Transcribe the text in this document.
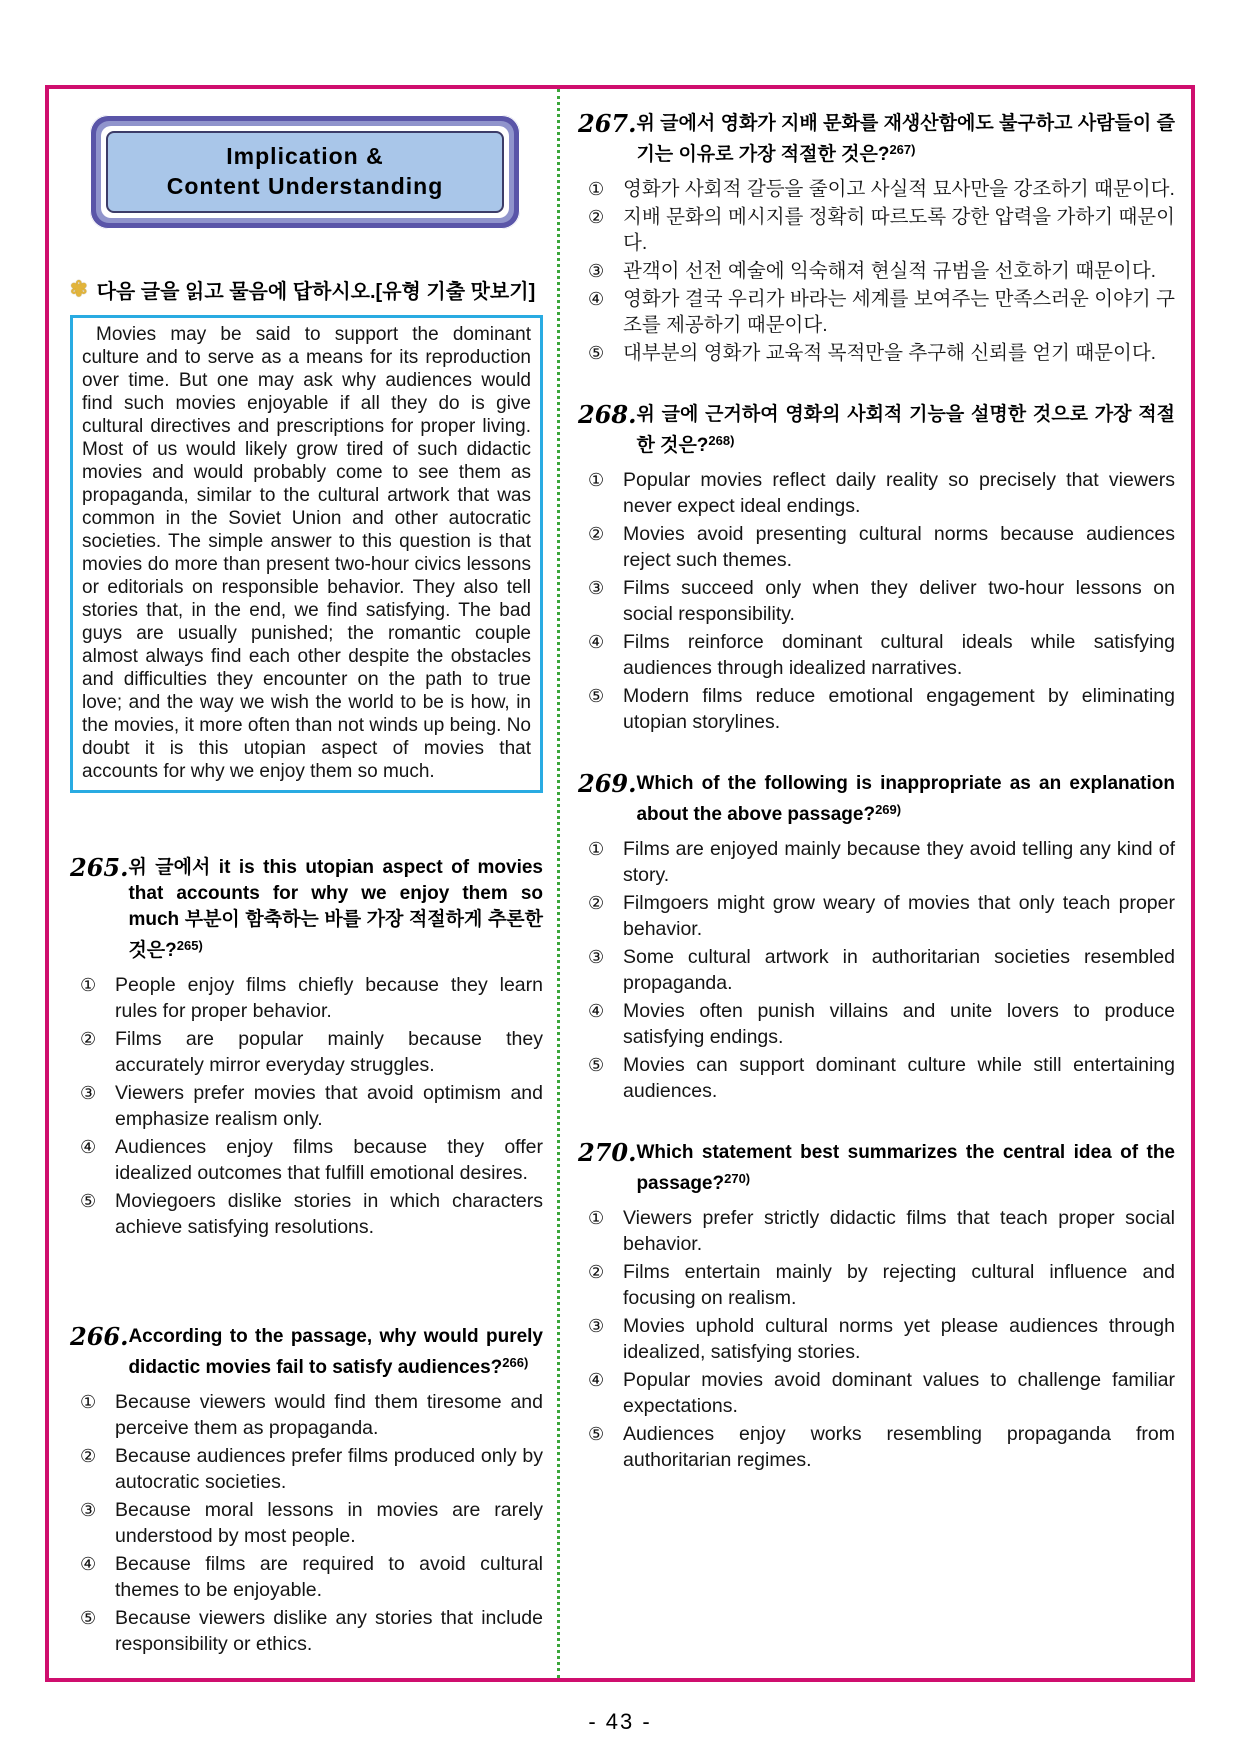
Implication &
Content Understanding
✾ 다음 글을 읽고 물음에 답하시오.[유형 기출 맛보기]
Movies may be said to support the dominant culture and to serve as a means for its reproduction over time. But one may ask why audiences would find such movies enjoyable if all they do is give cultural directives and prescriptions for proper living. Most of us would likely grow tired of such didactic movies and would probably come to see them as propaganda, similar to the cultural artwork that was common in the Soviet Union and other autocratic societies. The simple answer to this question is that movies do more than present two-hour civics lessons or editorials on responsible behavior. They also tell stories that, in the end, we find satisfying. The bad guys are usually punished; the romantic couple almost always find each other despite the obstacles and difficulties they encounter on the path to true love; and the way we wish the world to be is how, in the movies, it more often than not winds up being. No doubt it is this utopian aspect of movies that accounts for why we enjoy them so much.
265. 위 글에서 it is this utopian aspect of movies that accounts for why we enjoy them so much 부분이 함축하는 바를 가장 적절하게 추론한 것은?$^{265)}$
① People enjoy films chiefly because they learn rules for proper behavior.
② Films are popular mainly because they accurately mirror everyday struggles.
③ Viewers prefer movies that avoid optimism and emphasize realism only.
④ Audiences enjoy films because they offer idealized outcomes that fulfill emotional desires.
⑤ Moviegoers dislike stories in which characters achieve satisfying resolutions.
266. According to the passage, why would purely didactic movies fail to satisfy audiences?$^{266)}$
① Because viewers would find them tiresome and perceive them as propaganda.
② Because audiences prefer films produced only by autocratic societies.
③ Because moral lessons in movies are rarely understood by most people.
④ Because films are required to avoid cultural themes to be enjoyable.
⑤ Because viewers dislike any stories that include responsibility or ethics.
267. 위 글에서 영화가 지배 문화를 재생산함에도 불구하고 사람들이 즐기는 이유로 가장 적절한 것은?$^{267)}$
① 영화가 사회적 갈등을 줄이고 사실적 묘사만을 강조하기 때문이다.
② 지배 문화의 메시지를 정확히 따르도록 강한 압력을 가하기 때문이다.
③ 관객이 선전 예술에 익숙해져 현실적 규범을 선호하기 때문이다.
④ 영화가 결국 우리가 바라는 세계를 보여주는 만족스러운 이야기 구조를 제공하기 때문이다.
⑤ 대부분의 영화가 교육적 목적만을 추구해 신뢰를 얻기 때문이다.
268. 위 글에 근거하여 영화의 사회적 기능을 설명한 것으로 가장 적절한 것은?$^{268)}$
① Popular movies reflect daily reality so precisely that viewers never expect ideal endings.
② Movies avoid presenting cultural norms because audiences reject such themes.
③ Films succeed only when they deliver two-hour lessons on social responsibility.
④ Films reinforce dominant cultural ideals while satisfying audiences through idealized narratives.
⑤ Modern films reduce emotional engagement by eliminating utopian storylines.
269. Which of the following is inappropriate as an explanation about the above passage?$^{269)}$
① Films are enjoyed mainly because they avoid telling any kind of story.
② Filmgoers might grow weary of movies that only teach proper behavior.
③ Some cultural artwork in authoritarian societies resembled propaganda.
④ Movies often punish villains and unite lovers to produce satisfying endings.
⑤ Movies can support dominant culture while still entertaining audiences.
270. Which statement best summarizes the central idea of the passage?$^{270)}$
① Viewers prefer strictly didactic films that teach proper social behavior.
② Films entertain mainly by rejecting cultural influence and focusing on realism.
③ Movies uphold cultural norms yet please audiences through idealized, satisfying stories.
④ Popular movies avoid dominant values to challenge familiar expectations.
⑤ Audiences enjoy works resembling propaganda from authoritarian regimes.
- 43 -
